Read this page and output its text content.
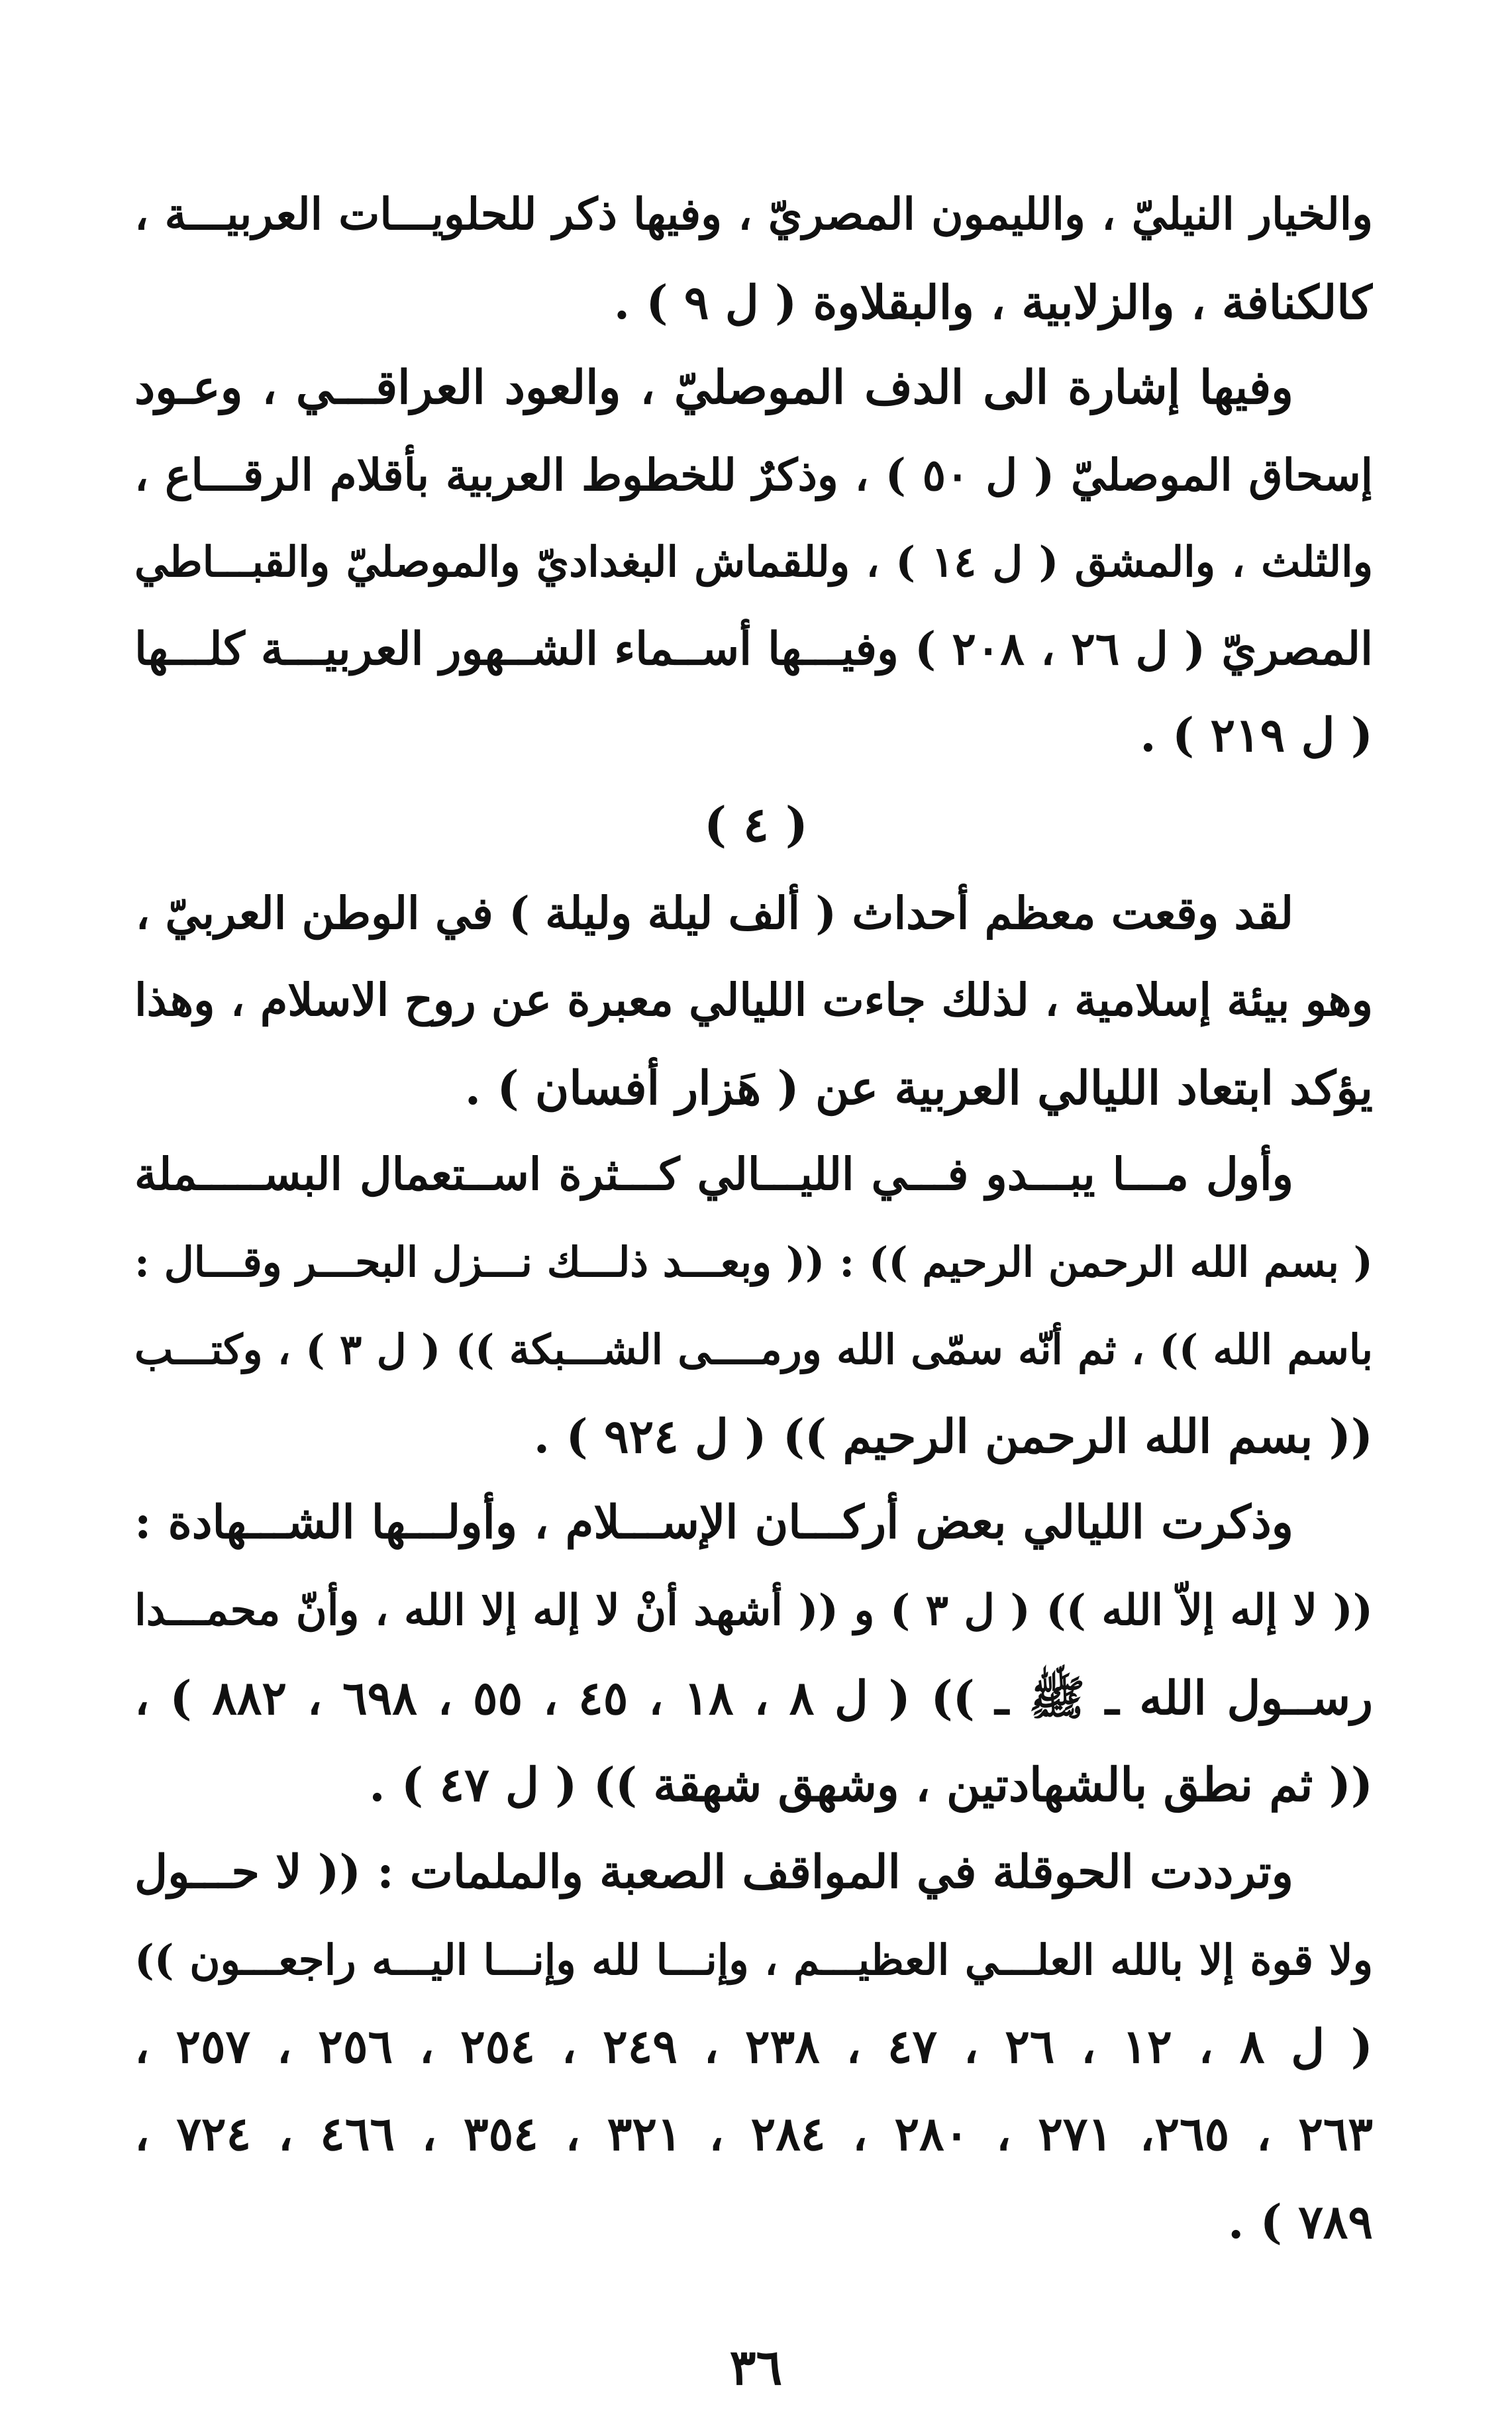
والخيار النيليّ ، والليمون المصريّ ، وفيها ذكر للحلويـــات العربيـــة ،
كالكنافة ، والزلابية ، والبقلاوة ( ل ٩ ) .
وفيها إشارة الى الدف الموصليّ ، والعود العراقـــي ، وعـود
إسحاق الموصليّ ( ل ٥٠ ) ، وذكرٌ للخطوط العربية بأقلام الرقـــاع ،
والثلث ، والمشق ( ل ١٤ ) ، وللقماش البغداديّ والموصليّ والقبـــاطي
المصريّ ( ل ٢٦ ، ٢٠٨ ) وفيـــها أســماء الشــهور العربيـــة كلـــها
( ل ٢١٩ ) .
( ٤ )
لقد وقعت معظم أحداث ( ألف ليلة وليلة ) في الوطن العربيّ ،
وهو بيئة إسلامية ، لذلك جاءت الليالي معبرة عن روح الاسلام ، وهذا
يؤكد ابتعاد الليالي العربية عن ( هَزار أفسان ) .
وأول مـــا يبـــدو فـــي الليـــالي كـــثرة اســتعمال البســـــملة
( بسم الله الرحمن الرحيم )) : (( وبعـــد ذلـــك نـــزل البحـــر وقـــال :
باسم الله )) ، ثم أنّه سمّى الله ورمــــى الشـــبكة )) ( ل ٣ ) ، وكتـــب
(( بسم الله الرحمن الرحيم )) ( ل ٩٢٤ ) .
وذكرت الليالي بعض أركـــان الإســـلام ، وأولـــها الشـــهادة :
(( لا إله إلاّ الله )) ( ل ٣ ) و (( أشهد أنْ لا إله إلا الله ، وأنّ محمـــدا
رســول الله ـ ﷺ ـ )) ( ل ٨ ، ١٨ ، ٤٥ ، ٥٥ ، ٦٩٨ ، ٨٨٢ ) ،
(( ثم نطق بالشهادتين ، وشهق شهقة )) ( ل ٤٧ ) .
وترددت الحوقلة في المواقف الصعبة والملمات : (( لا حـــول
ولا قوة إلا بالله العلـــي العظيـــم ، وإنـــا لله وإنـــا اليـــه راجعـــون ))
( ل ٨ ، ١٢ ، ٢٦ ، ٤٧ ، ٢٣٨ ، ٢٤٩ ، ٢٥٤ ، ٢٥٦ ، ٢٥٧ ،
٢٦٣ ، ٢٦٥، ٢٧١ ، ٢٨٠ ، ٢٨٤ ، ٣٢١ ، ٣٥٤ ، ٤٦٦ ، ٧٢٤ ،
٧٨٩ ) .
٣٦
